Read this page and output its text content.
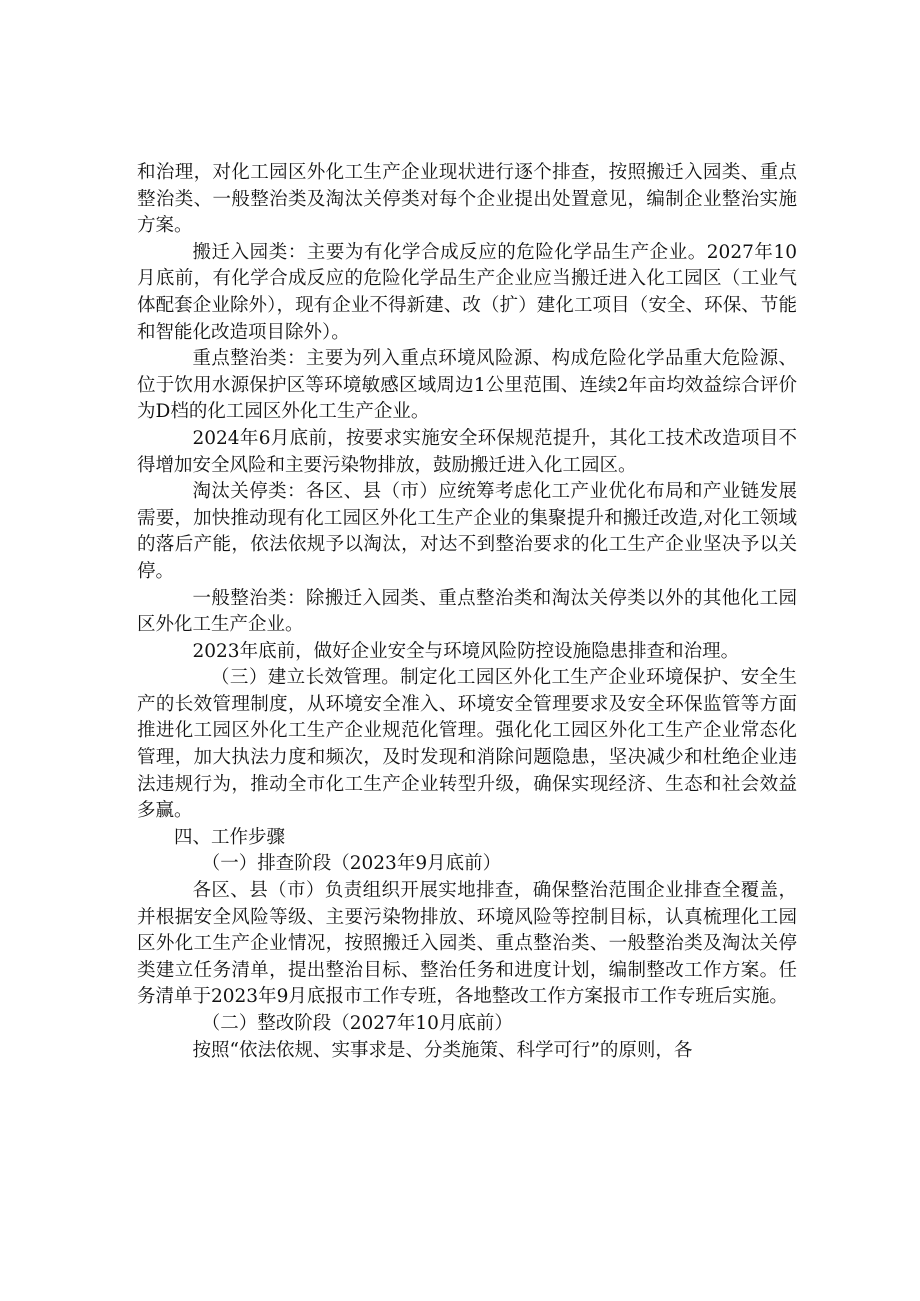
和治理，对化工园区外化工生产企业现状进行逐个排查，按照搬迁入园类、重点整治类、一般整治类及淘汰关停类对每个企业提出处置意见，编制企业整治实施方案。

搬迁入园类：主要为有化学合成反应的危险化学品生产企业。2027年10月底前，有化学合成反应的危险化学品生产企业应当搬迁进入化工园区（工业气体配套企业除外），现有企业不得新建、改（扩）建化工项目（安全、环保、节能和智能化改造项目除外）。

重点整治类：主要为列入重点环境风险源、构成危险化学品重大危险源、位于饮用水源保护区等环境敏感区域周边1公里范围、连续2年亩均效益综合评价为D档的化工园区外化工生产企业。

2024年6月底前，按要求实施安全环保规范提升，其化工技术改造项目不得增加安全风险和主要污染物排放，鼓励搬迁进入化工园区。

淘汰关停类：各区、县（市）应统筹考虑化工产业优化布局和产业链发展需要，加快推动现有化工园区外化工生产企业的集聚提升和搬迁改造,对化工领域的落后产能，依法依规予以淘汰，对达不到整治要求的化工生产企业坚决予以关停。

一般整治类：除搬迁入园类、重点整治类和淘汰关停类以外的其他化工园区外化工生产企业。

2023年底前，做好企业安全与环境风险防控设施隐患排查和治理。

（三）建立长效管理。制定化工园区外化工生产企业环境保护、安全生产的长效管理制度，从环境安全准入、环境安全管理要求及安全环保监管等方面推进化工园区外化工生产企业规范化管理。强化化工园区外化工生产企业常态化管理，加大执法力度和频次，及时发现和消除问题隐患，坚决减少和杜绝企业违法违规行为，推动全市化工生产企业转型升级，确保实现经济、生态和社会效益多赢。

四、工作步骤

（一）排查阶段（2023年9月底前）

各区、县（市）负责组织开展实地排查，确保整治范围企业排查全覆盖，并根据安全风险等级、主要污染物排放、环境风险等控制目标，认真梳理化工园区外化工生产企业情况，按照搬迁入园类、重点整治类、一般整治类及淘汰关停类建立任务清单，提出整治目标、整治任务和进度计划，编制整改工作方案。任务清单于2023年9月底报市工作专班，各地整改工作方案报市工作专班后实施。

（二）整改阶段（2027年10月底前）

按照“依法依规、实事求是、分类施策、科学可行”的原则，各
